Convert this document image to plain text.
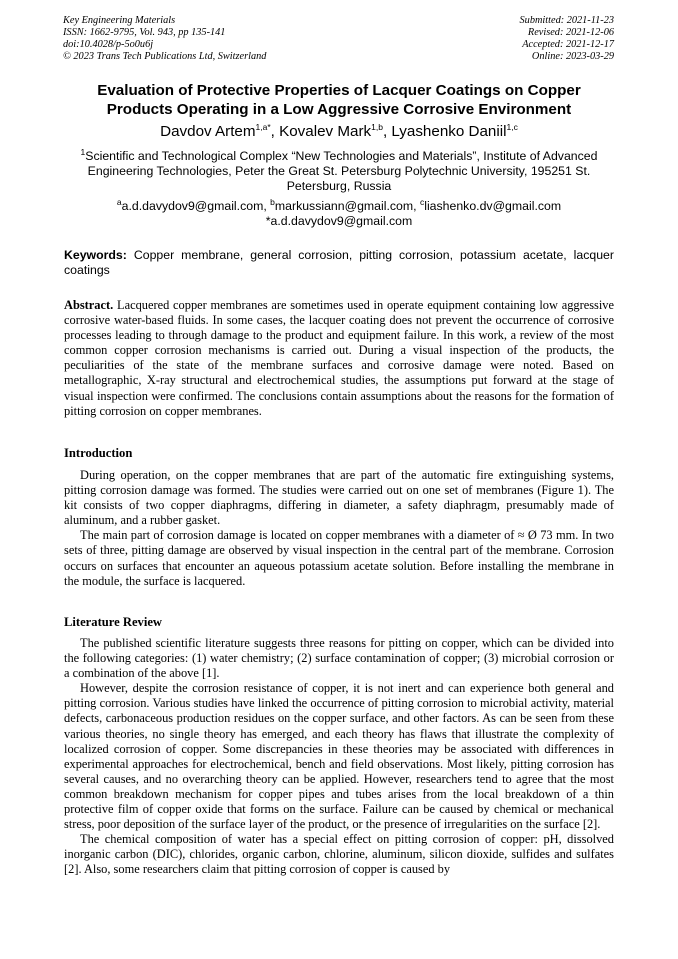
Key Engineering Materials
ISSN: 1662-9795, Vol. 943, pp 135-141
doi:10.4028/p-5o0u6j
© 2023 Trans Tech Publications Ltd, Switzerland
Submitted: 2021-11-23
Revised: 2021-12-06
Accepted: 2021-12-17
Online: 2023-03-29
Evaluation of Protective Properties of Lacquer Coatings on Copper Products Operating in a Low Aggressive Corrosive Environment
Davdov Artem$^{1,a*}$, Kovalev Mark$^{1,b}$, Lyashenko Daniil$^{1,c}$
$^1$Scientific and Technological Complex “New Technologies and Materials”, Institute of Advanced Engineering Technologies, Peter the Great St. Petersburg Polytechnic University, 195251 St. Petersburg, Russia
$^a$a.d.davydov9@gmail.com, $^b$markussiann@gmail.com, $^c$liashenko.dv@gmail.com
*a.d.davydov9@gmail.com
Keywords: Copper membrane, general corrosion, pitting corrosion, potassium acetate, lacquer coatings

Abstract. Lacquered copper membranes are sometimes used in operate equipment containing low aggressive corrosive water-based fluids. In some cases, the lacquer coating does not prevent the occurrence of corrosive processes leading to through damage to the product and equipment failure. In this work, a review of the most common copper corrosion mechanisms is carried out. During a visual inspection of the products, the peculiarities of the state of the membrane surfaces and corrosive damage were noted. Based on metallographic, X-ray structural and electrochemical studies, the assumptions put forward at the stage of visual inspection were confirmed. The conclusions contain assumptions about the reasons for the formation of pitting corrosion on copper membranes.

Introduction

During operation, on the copper membranes that are part of the automatic fire extinguishing systems, pitting corrosion damage was formed. The studies were carried out on one set of membranes (Figure 1). The kit consists of two copper diaphragms, differing in diameter, a safety diaphragm, presumably made of aluminum, and a rubber gasket.

The main part of corrosion damage is located on copper membranes with a diameter of ≈ Ø 73 mm. In two sets of three, pitting damage are observed by visual inspection in the central part of the membrane. Corrosion occurs on surfaces that encounter an aqueous potassium acetate solution. Before installing the membrane in the module, the surface is lacquered.

Literature Review

The published scientific literature suggests three reasons for pitting on copper, which can be divided into the following categories: (1) water chemistry; (2) surface contamination of copper; (3) microbial corrosion or a combination of the above [1].

However, despite the corrosion resistance of copper, it is not inert and can experience both general and pitting corrosion. Various studies have linked the occurrence of pitting corrosion to microbial activity, material defects, carbonaceous production residues on the copper surface, and other factors. As can be seen from these various theories, no single theory has emerged, and each theory has flaws that illustrate the complexity of localized corrosion of copper. Some discrepancies in these theories may be associated with differences in experimental approaches for electrochemical, bench and field observations. Most likely, pitting corrosion has several causes, and no overarching theory can be applied. However, researchers tend to agree that the most common breakdown mechanism for copper pipes and tubes arises from the local breakdown of a thin protective film of copper oxide that forms on the surface. Failure can be caused by chemical or mechanical stress, poor deposition of the surface layer of the product, or the presence of irregularities on the surface [2].

The chemical composition of water has a special effect on pitting corrosion of copper: pH, dissolved inorganic carbon (DIC), chlorides, organic carbon, chlorine, aluminum, silicon dioxide, sulfides and sulfates [2]. Also, some researchers claim that pitting corrosion of copper is caused by
